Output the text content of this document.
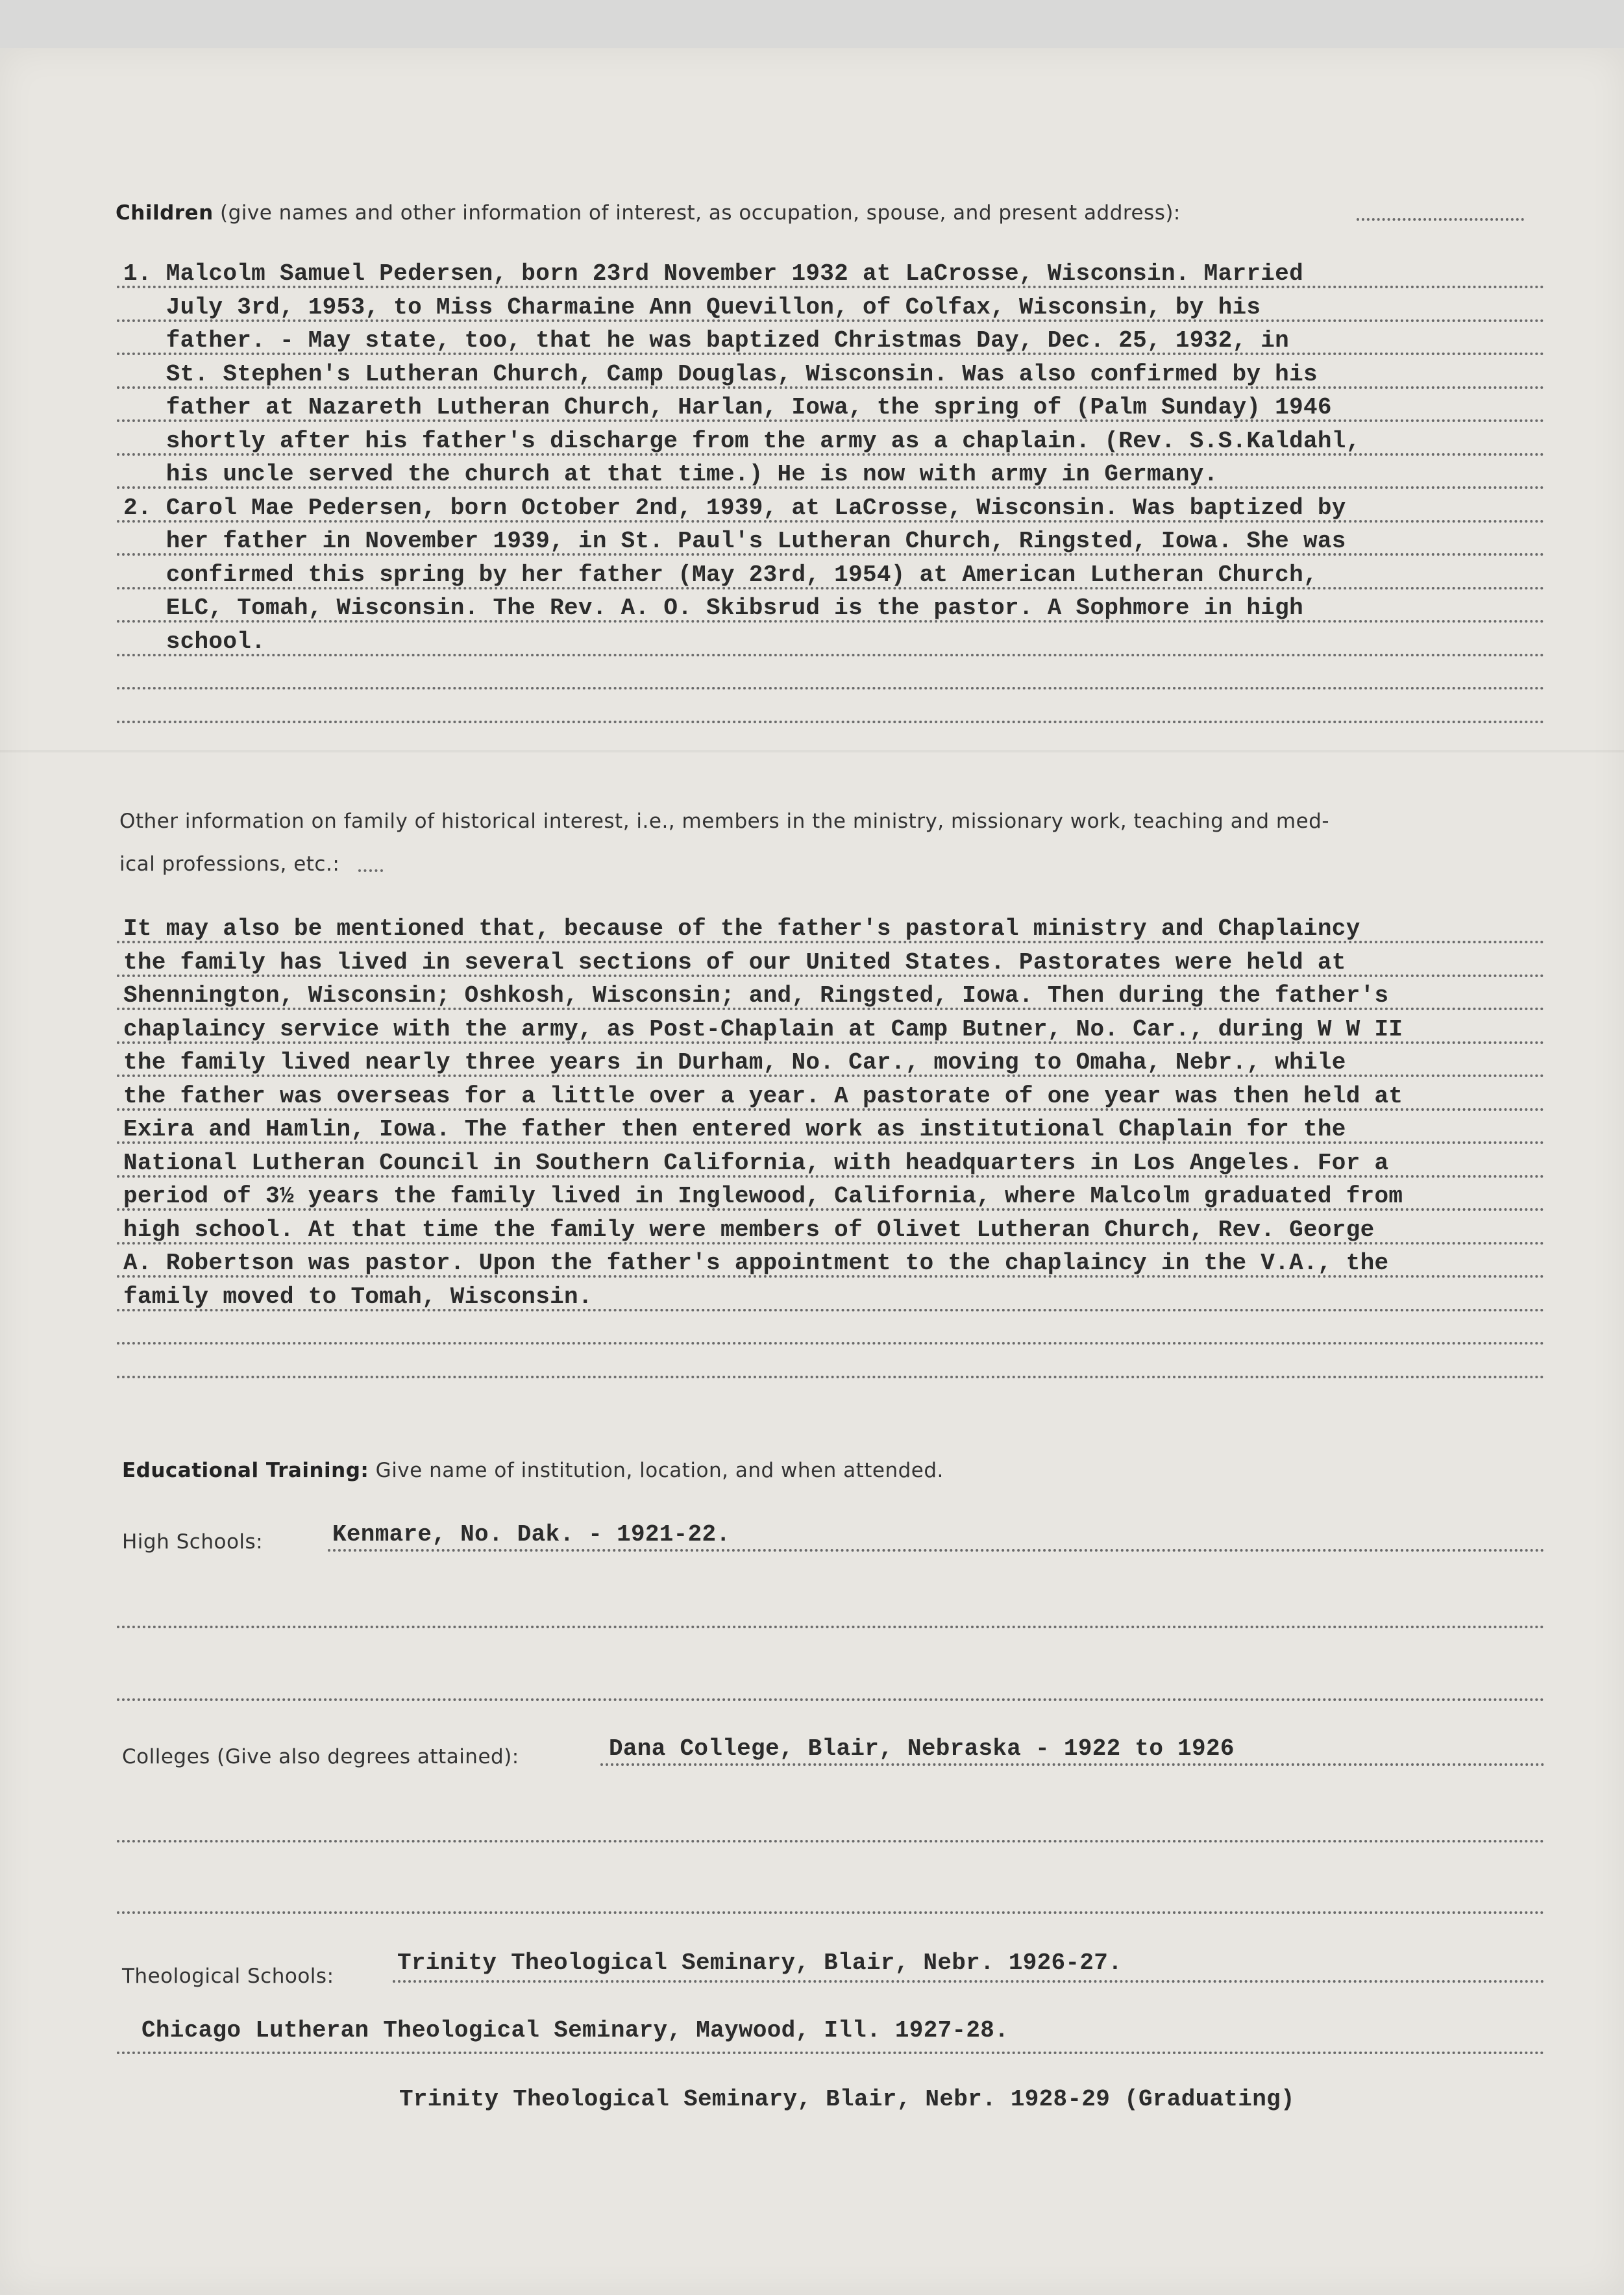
Children (give names and other information of interest, as occupation, spouse, and present address):
1. Malcolm Samuel Pedersen, born 23rd November 1932 at LaCrosse, Wisconsin. Married
July 3rd, 1953, to Miss Charmaine Ann Quevillon, of Colfax, Wisconsin, by his
father. - May state, too, that he was baptized Christmas Day, Dec. 25, 1932, in
St. Stephen's Lutheran Church, Camp Douglas, Wisconsin. Was also confirmed by his
father at Nazareth Lutheran Church, Harlan, Iowa, the spring of (Palm Sunday) 1946
shortly after his father's discharge from the army as a chaplain. (Rev. S.S.Kaldahl,
his uncle served the church at that time.) He is now with army in Germany.
2. Carol Mae Pedersen, born October 2nd, 1939, at LaCrosse, Wisconsin. Was baptized by
her father in November 1939, in St. Paul's Lutheran Church, Ringsted, Iowa. She was
confirmed this spring by her father (May 23rd, 1954) at American Lutheran Church,
ELC, Tomah, Wisconsin. The Rev. A. O. Skibsrud is the pastor. A Sophmore in high
school.
Other information on family of historical interest, i.e., members in the ministry, missionary work, teaching and med-
ical professions, etc.:
It may also be mentioned that, because of the father's pastoral ministry and Chaplaincy
the family has lived in several sections of our United States. Pastorates were held at
Shennington, Wisconsin; Oshkosh, Wisconsin; and, Ringsted, Iowa. Then during the father's
chaplaincy service with the army, as Post-Chaplain at Camp Butner, No. Car., during W W II
the family lived nearly three years in Durham, No. Car., moving to Omaha, Nebr., while
the father was overseas for a little over a year. A pastorate of one year was then held at
Exira and Hamlin, Iowa. The father then entered work as institutional Chaplain for the
National Lutheran Council in Southern California, with headquarters in Los Angeles. For a
period of 3½ years the family lived in Inglewood, California, where Malcolm graduated from
high school. At that time the family were members of Olivet Lutheran Church, Rev. George
A. Robertson was pastor. Upon the father's appointment to the chaplaincy in the V.A., the
family moved to Tomah, Wisconsin.
Educational Training: Give name of institution, location, and when attended.
High Schools:	Kenmare, No. Dak. - 1921-22.
Colleges (Give also degrees attained):	Dana College, Blair, Nebraska - 1922 to 1926
Theological Schools:	Trinity Theological Seminary, Blair, Nebr. 1926-27.
Chicago Lutheran Theological Seminary, Maywood, Ill. 1927-28.
Trinity Theological Seminary, Blair, Nebr. 1928-29 (Graduating)
